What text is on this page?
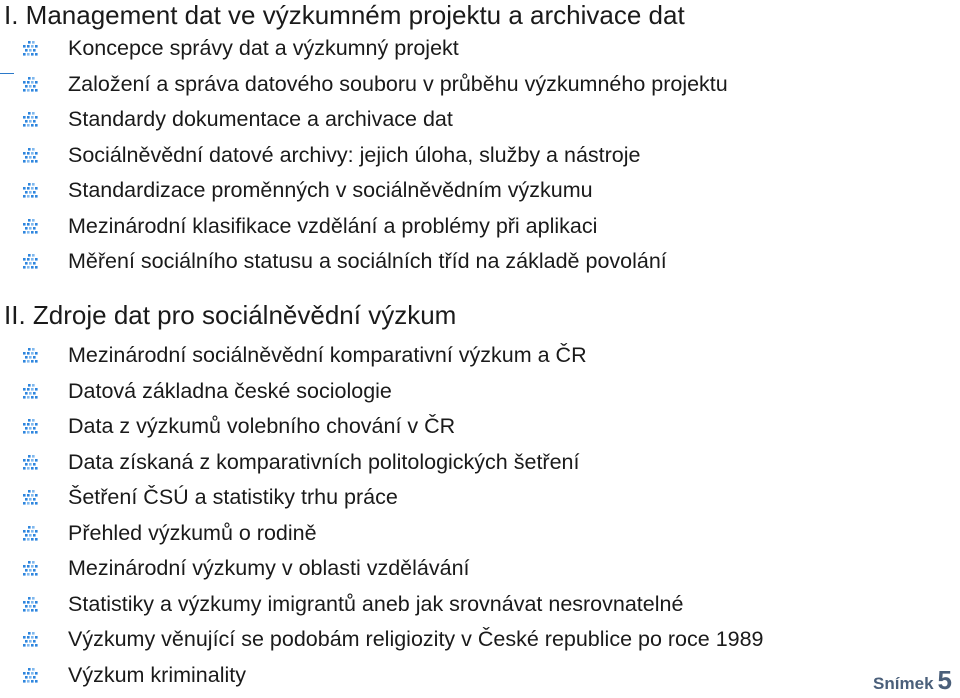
I. Management dat ve výzkumném projektu a archivace dat
Koncepce správy dat a výzkumný projekt
Založení a správa datového souboru v průběhu výzkumného projektu
Standardy dokumentace a archivace dat
Sociálněvědní datové archivy: jejich úloha, služby a nástroje
Standardizace proměnných v sociálněvědním výzkumu
Mezinárodní klasifikace vzdělání a problémy při aplikaci
Měření sociálního statusu a sociálních tříd na základě povolání
II. Zdroje dat pro sociálněvědní výzkum
Mezinárodní sociálněvědní komparativní výzkum a ČR
Datová základna české sociologie
Data z výzkumů volebního chování v ČR
Data získaná z komparativních politologických šetření
Šetření ČSÚ a statistiky trhu práce
Přehled výzkumů o rodině
Mezinárodní výzkumy v oblasti vzdělávání
Statistiky a výzkumy imigrantů aneb jak srovnávat nesrovnatelné
Výzkumy věnující se podobám religiozity v České republice po roce 1989
Výzkum kriminality	Snímek 5
